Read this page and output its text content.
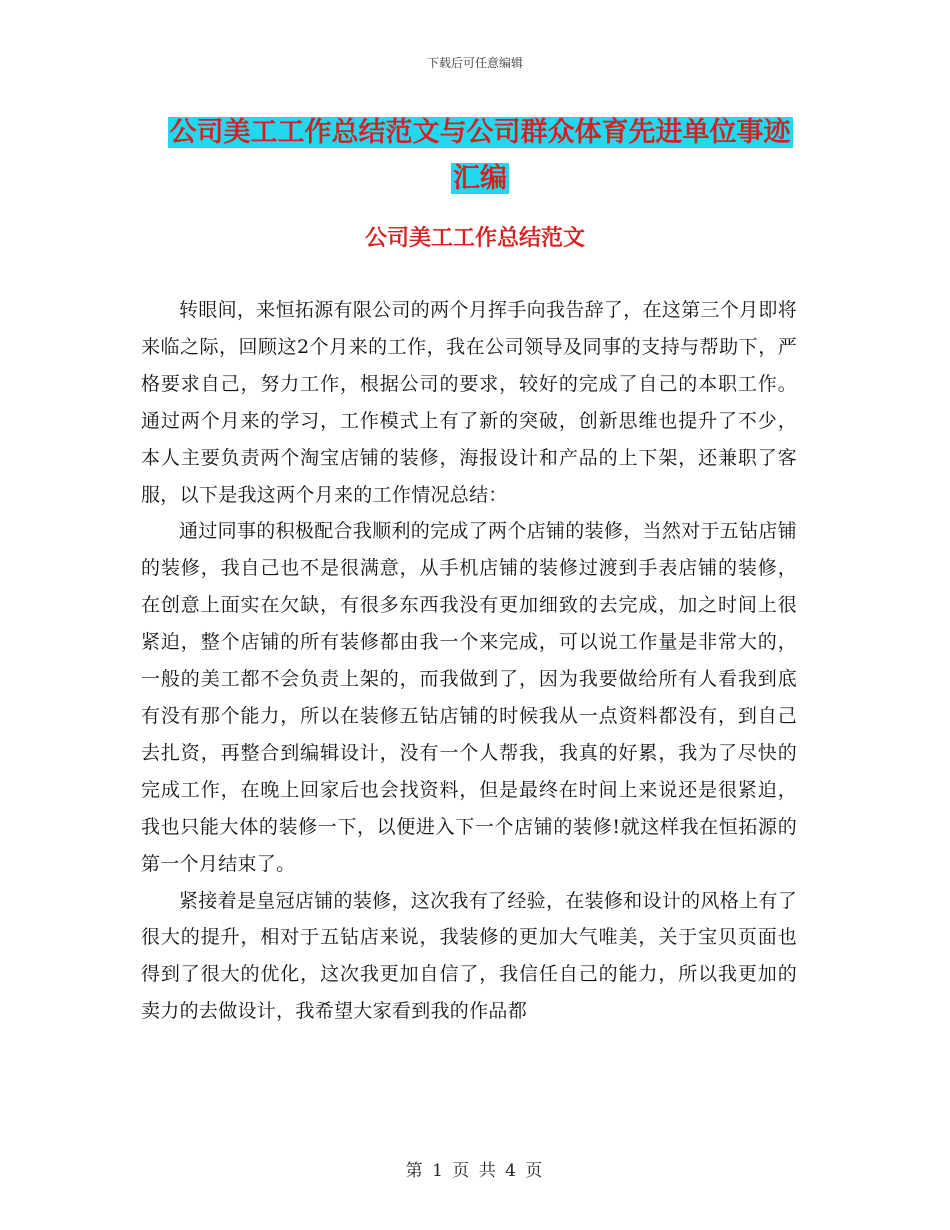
下载后可任意编辑
公司美工工作总结范文与公司群众体育先进单位事迹
汇编
公司美工工作总结范文

转眼间，来恒拓源有限公司的两个月挥手向我告辞了，在这第三个月即将来临之际，回顾这2个月来的工作，我在公司领导及同事的支持与帮助下，严格要求自己，努力工作，根据公司的要求，较好的完成了自己的本职工作。通过两个月来的学习，工作模式上有了新的突破，创新思维也提升了不少，本人主要负责两个淘宝店铺的装修，海报设计和产品的上下架，还兼职了客服，以下是我这两个月来的工作情况总结：

通过同事的积极配合我顺利的完成了两个店铺的装修，当然对于五钻店铺的装修，我自己也不是很满意，从手机店铺的装修过渡到手表店铺的装修，在创意上面实在欠缺，有很多东西我没有更加细致的去完成，加之时间上很紧迫，整个店铺的所有装修都由我一个来完成，可以说工作量是非常大的，一般的美工都不会负责上架的，而我做到了，因为我要做给所有人看我到底有没有那个能力，所以在装修五钻店铺的时候我从一点资料都没有，到自己去扎资，再整合到编辑设计，没有一个人帮我，我真的好累，我为了尽快的完成工作，在晚上回家后也会找资料，但是最终在时间上来说还是很紧迫，我也只能大体的装修一下，以便进入下一个店铺的装修!就这样我在恒拓源的第一个月结束了。

紧接着是皇冠店铺的装修，这次我有了经验，在装修和设计的风格上有了很大的提升，相对于五钻店来说，我装修的更加大气唯美，关于宝贝页面也得到了很大的优化，这次我更加自信了，我信任自己的能力，所以我更加的卖力的去做设计，我希望大家看到我的作品都

第 1 页 共 4 页
